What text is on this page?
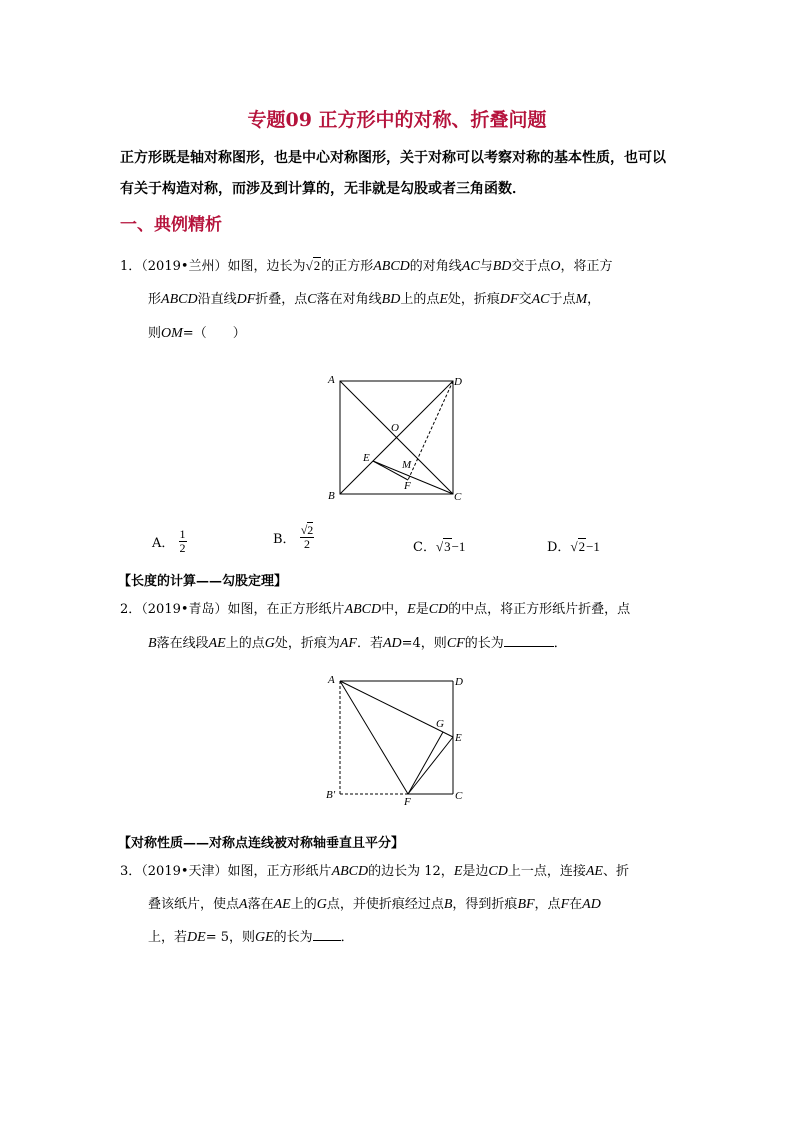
专题09 正方形中的对称、折叠问题
正方形既是轴对称图形，也是中心对称图形，关于对称可以考察对称的基本性质，也可以
有关于构造对称，而涉及到计算的，无非就是勾股或者三角函数．
一、典例精析
1．（2019•兰州）如图，边长为√2的正方形ABCD的对角线AC与BD交于点O，将正方
形ABCD沿直线DF折叠，点C落在对角线BD上的点E处，折痕DF交AC于点M，
则OM=（　　）
A
B	C
D
O
E
M
F
A． $\frac{1}{2}$	B． $\frac{√2}{2}$	C．√3−1	D．√2−1
【长度的计算——勾股定理】
2．（2019•青岛）如图，在正方形纸片ABCD中，E是CD的中点，将正方形纸片折叠，点
B落在线段AE上的点G处，折痕为AF．若AD=4，则CF的长为	．
A	D
G
E
B'
F	C
【对称性质——对称点连线被对称轴垂直且平分】
3．（2019•天津）如图，正方形纸片ABCD的边长为 12，E是边CD上一点，连接AE、折
叠该纸片，使点A落在AE上的G点，并使折痕经过点B，得到折痕BF，点F在AD
上，若DE= 5，则GE的长为 ．
